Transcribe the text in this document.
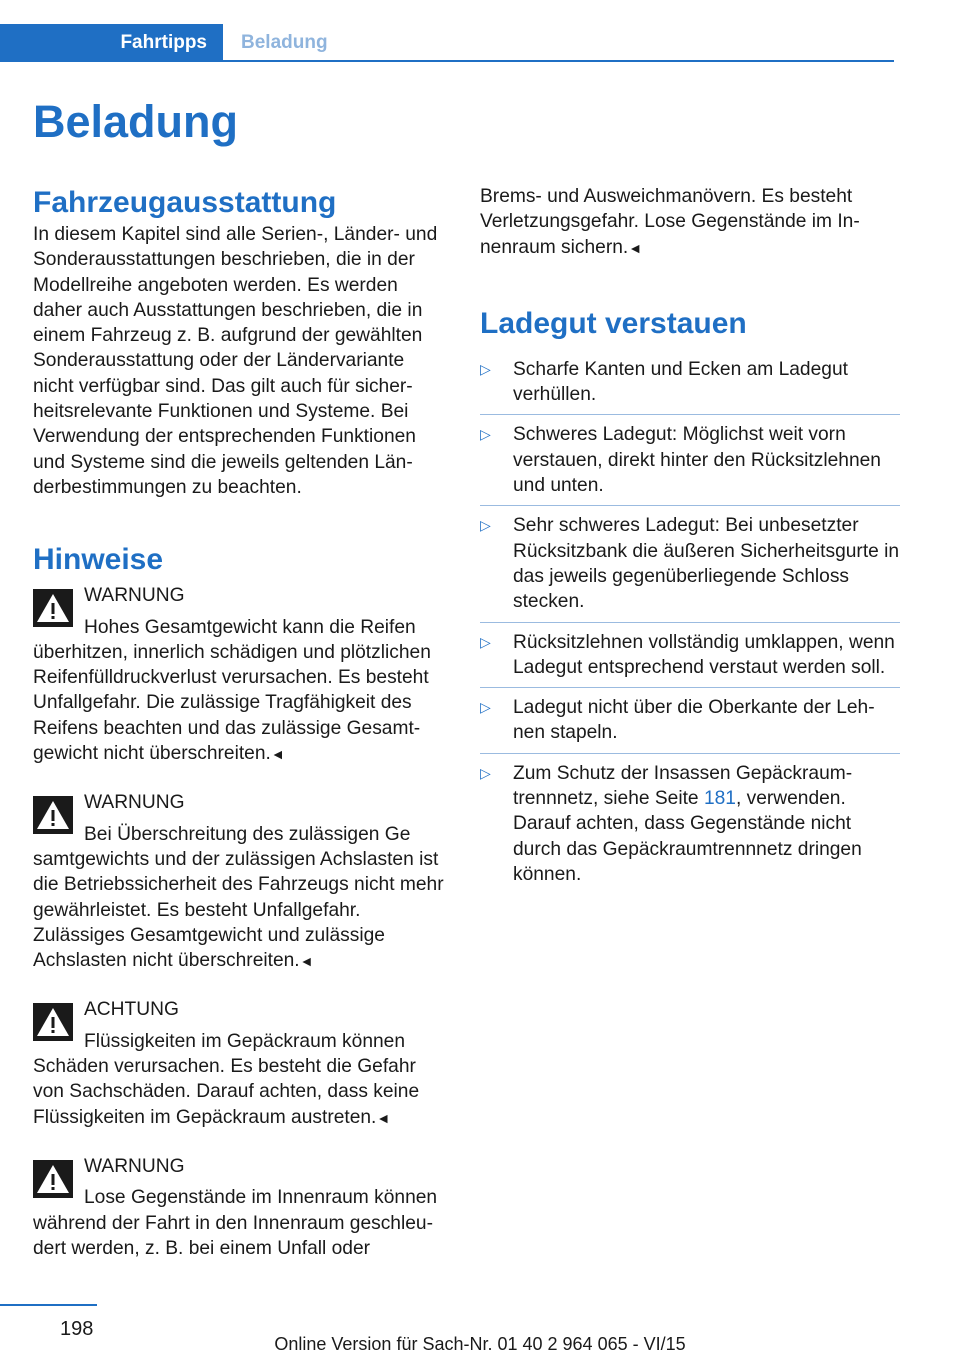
Fahrtipps	Beladung
Beladung
Fahrzeugausstattung

In diesem Kapitel sind alle Serien-, Länder- und Sonderausstattungen beschrieben, die in der Modellreihe angeboten werden. Es werden daher auch Ausstattungen beschrieben, die in einem Fahrzeug z. B. aufgrund der gewählten Sonderausstattung oder der Ländervariante nicht verfügbar sind. Das gilt auch für sicherheitsrelevante Funktionen und Systeme. Bei Verwendung der entsprechenden Funktionen und Systeme sind die jeweils geltenden Länderbestimmungen zu beachten.

Hinweise
WARNUNG
Hohes Gesamtgewicht kann die Reifen
überhitzen, innerlich schädigen und plötzlichen Reifenfülldruckverlust verursachen. Es besteht Unfallgefahr. Die zulässige Tragfähigkeit des Reifens beachten und das zulässige Gesamtgewicht nicht überschreiten.◄
WARNUNG
Bei Überschreitung des zulässigen Ge
samtgewichts und der zulässigen Achslasten ist die Betriebssicherheit des Fahrzeugs nicht mehr gewährleistet. Es besteht Unfallgefahr. Zulässiges Gesamtgewicht und zulässige Achslasten nicht überschreiten.◄
ACHTUNG
Flüssigkeiten im Gepäckraum können
Schäden verursachen. Es besteht die Gefahr von Sachschäden. Darauf achten, dass keine Flüssigkeiten im Gepäckraum austreten.◄
WARNUNG
Lose Gegenstände im Innenraum können
während der Fahrt in den Innenraum geschleudert werden, z. B. bei einem Unfall oder

Brems- und Ausweichmanövern. Es besteht Verletzungsgefahr. Lose Gegenstände im Innenraum sichern.◄

Ladegut verstauen
▷ Scharfe Kanten und Ecken am Ladegut verhüllen.
▷ Schweres Ladegut: Möglichst weit vorn verstauen, direkt hinter den Rücksitzlehnen und unten.
▷ Sehr schweres Ladegut: Bei unbesetzter Rücksitzbank die äußeren Sicherheitsgurte in das jeweils gegenüberliegende Schloss stecken.
▷ Rücksitzlehnen vollständig umklappen, wenn Ladegut entsprechend verstaut werden soll.
▷ Ladegut nicht über die Oberkante der Lehnen stapeln.
▷ Zum Schutz der Insassen Gepäckraumtrennnetz, siehe Seite 181, verwenden. Darauf achten, dass Gegenstände nicht durch das Gepäckraumtrennnetz dringen können.
198
Online Version für Sach-Nr. 01 40 2 964 065 - VI/15
